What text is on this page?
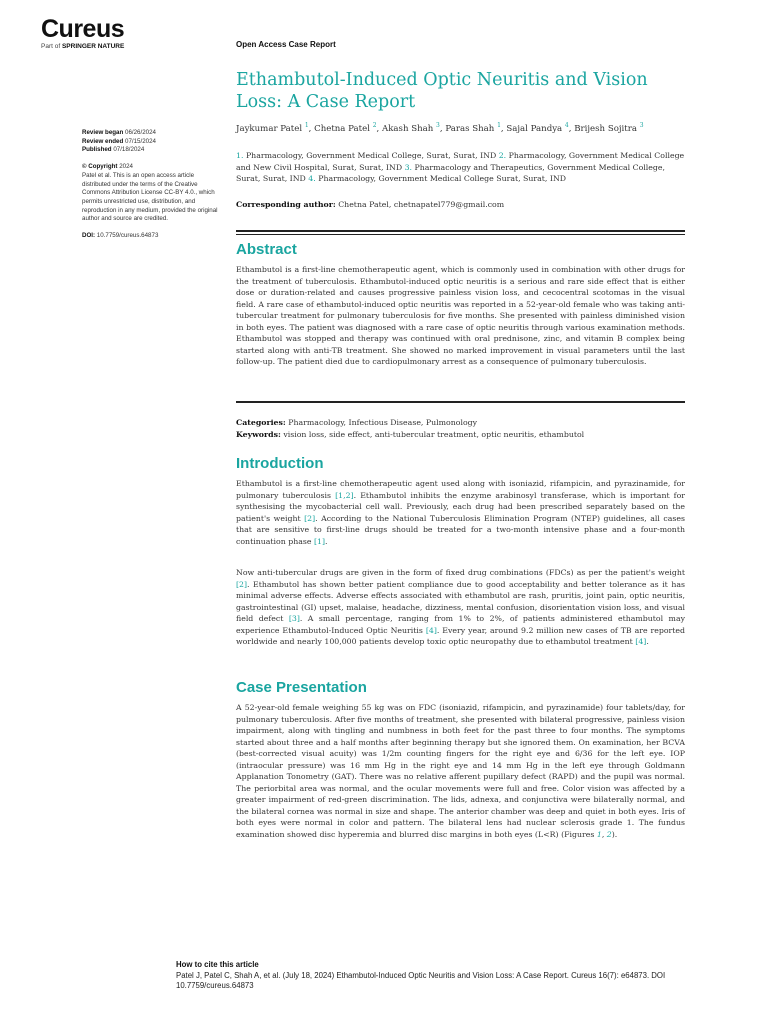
Cureus
Part of SPRINGER NATURE	Open Access Case Report
Ethambutol-Induced Optic Neuritis and Vision Loss: A Case Report
Jaykumar Patel $^1$, Chetna Patel $^2$, Akash Shah $^3$, Paras Shah $^1$, Sajal Pandya $^4$, Brijesh Sojitra $^3$
1. Pharmacology, Government Medical College, Surat, Surat, IND 2. Pharmacology, Government Medical College and New Civil Hospital, Surat, Surat, IND 3. Pharmacology and Therapeutics, Government Medical College, Surat, Surat, IND 4. Pharmacology, Government Medical College Surat, Surat, IND
Corresponding author: Chetna Patel, chetnapatel779@gmail.com
Review began 06/26/2024
Review ended 07/15/2024
Published 07/18/2024
© Copyright 2024
Patel et al. This is an open access article distributed under the terms of the Creative Commons Attribution License CC-BY 4.0., which permits unrestricted use, distribution, and reproduction in any medium, provided the original author and source are credited.
DOI: 10.7759/cureus.64873
Abstract
Ethambutol is a first-line chemotherapeutic agent, which is commonly used in combination with other drugs for the treatment of tuberculosis. Ethambutol-induced optic neuritis is a serious and rare side effect that is either dose or duration-related and causes progressive painless vision loss, and cecocentral scotomas in the visual field. A rare case of ethambutol-induced optic neuritis was reported in a 52-year-old female who was taking anti-tubercular treatment for pulmonary tuberculosis for five months. She presented with painless diminished vision in both eyes. The patient was diagnosed with a rare case of optic neuritis through various examination methods. Ethambutol was stopped and therapy was continued with oral prednisone, zinc, and vitamin B complex being started along with anti-TB treatment. She showed no marked improvement in visual parameters until the last follow-up. The patient died due to cardiopulmonary arrest as a consequence of pulmonary tuberculosis.
Categories: Pharmacology, Infectious Disease, Pulmonology
Keywords: vision loss, side effect, anti-tubercular treatment, optic neuritis, ethambutol
Introduction
Ethambutol is a first-line chemotherapeutic agent used along with isoniazid, rifampicin, and pyrazinamide, for pulmonary tuberculosis [1,2]. Ethambutol inhibits the enzyme arabinosyl transferase, which is important for synthesising the mycobacterial cell wall. Previously, each drug had been prescribed separately based on the patient's weight [2]. According to the National Tuberculosis Elimination Program (NTEP) guidelines, all cases that are sensitive to first-line drugs should be treated for a two-month intensive phase and a four-month continuation phase [1].
Now anti-tubercular drugs are given in the form of fixed drug combinations (FDCs) as per the patient's weight [2]. Ethambutol has shown better patient compliance due to good acceptability and better tolerance as it has minimal adverse effects. Adverse effects associated with ethambutol are rash, pruritis, joint pain, optic neuritis, gastrointestinal (GI) upset, malaise, headache, dizziness, mental confusion, disorientation vision loss, and visual field defect [3]. A small percentage, ranging from 1% to 2%, of patients administered ethambutol may experience Ethambutol-Induced Optic Neuritis [4]. Every year, around 9.2 million new cases of TB are reported worldwide and nearly 100,000 patients develop toxic optic neuropathy due to ethambutol treatment [4].
Case Presentation
A 52-year-old female weighing 55 kg was on FDC (isoniazid, rifampicin, and pyrazinamide) four tablets/day, for pulmonary tuberculosis. After five months of treatment, she presented with bilateral progressive, painless vision impairment, along with tingling and numbness in both feet for the past three to four months. The symptoms started about three and a half months after beginning therapy but she ignored them. On examination, her BCVA (best-corrected visual acuity) was 1/2m counting fingers for the right eye and 6/36 for the left eye. IOP (intraocular pressure) was 16 mm Hg in the right eye and 14 mm Hg in the left eye through Goldmann Applanation Tonometry (GAT). There was no relative afferent pupillary defect (RAPD) and the pupil was normal. The periorbital area was normal, and the ocular movements were full and free. Color vision was affected by a greater impairment of red-green discrimination. The lids, adnexa, and conjunctiva were bilaterally normal, and the bilateral cornea was normal in size and shape. The anterior chamber was deep and quiet in both eyes. Iris of both eyes were normal in color and pattern. The bilateral lens had nuclear sclerosis grade 1. The fundus examination showed disc hyperemia and blurred disc margins in both eyes (L<R) (Figures 1, 2).
How to cite this article
Patel J, Patel C, Shah A, et al. (July 18, 2024) Ethambutol-Induced Optic Neuritis and Vision Loss: A Case Report. Cureus 16(7): e64873. DOI 10.7759/cureus.64873
